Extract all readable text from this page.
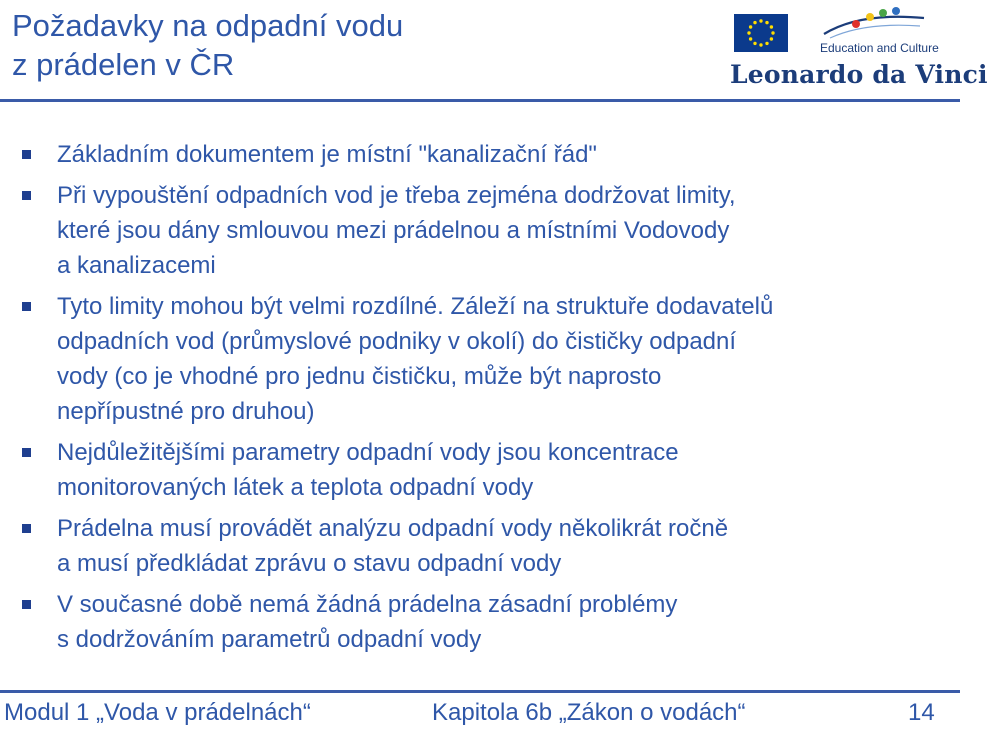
Požadavky na odpadní vodu
z prádelen v ČR	Education and Culture
Leonardo da Vinci
Základním dokumentem je místní "kanalizační řád"
Při vypouštění odpadních vod je třeba zejména dodržovat limity,
které jsou dány smlouvou mezi prádelnou a místními Vodovody
a kanalizacemi
Tyto limity mohou být velmi rozdílné. Záleží na struktuře dodavatelů
odpadních vod (průmyslové podniky v okolí) do čističky odpadní
vody (co je vhodné pro jednu čističku, může být naprosto
nepřípustné pro druhou)
Nejdůležitějšími parametry odpadní vody jsou koncentrace
monitorovaných látek a teplota odpadní vody
Prádelna musí provádět analýzu odpadní vody několikrát ročně
a musí předkládat zprávu o stavu odpadní vody
V současné době nemá žádná prádelna zásadní problémy
s dodržováním parametrů odpadní vody
Modul 1 „Voda v prádelnách“	Kapitola 6b „Zákon o vodách“	14
